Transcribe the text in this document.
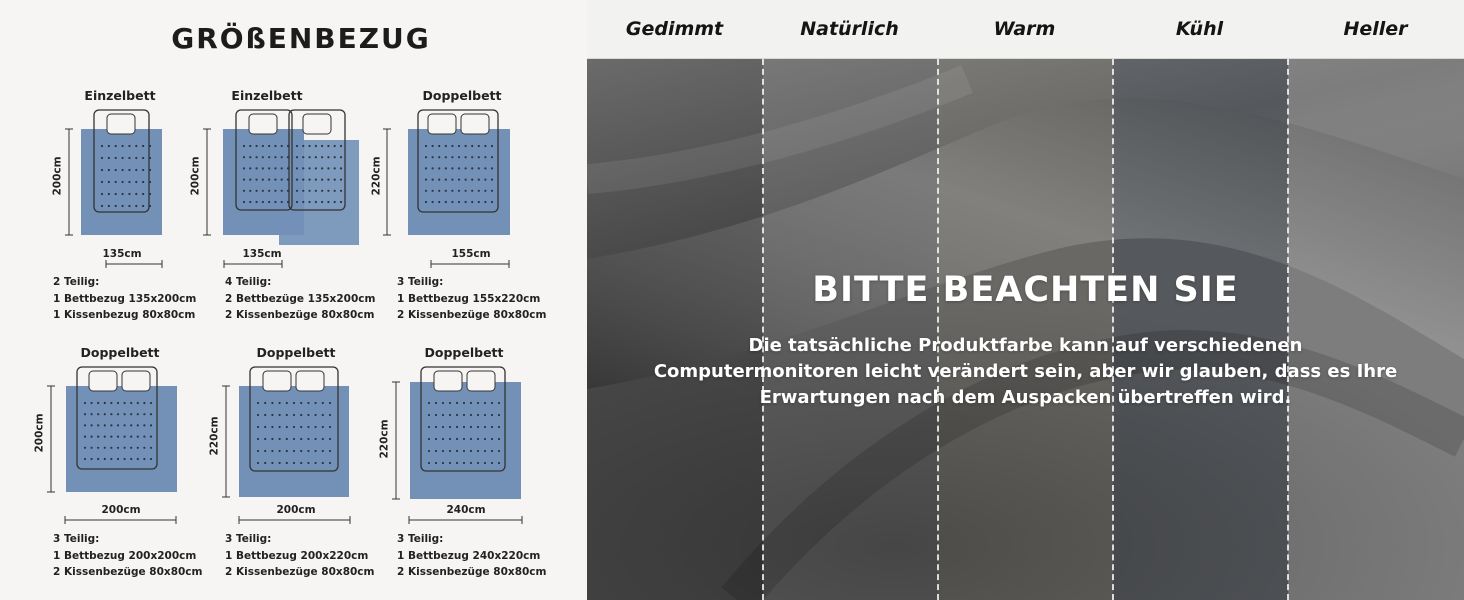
GRÖßENBEZUG
Einzelbett
200cm
135cm
2 Teilig:
1 Bettbezug 135x200cm
1 Kissenbezug 80x80cm
Einzelbett
200cm
135cm
4 Teilig:
2 Bettbezüge 135x200cm
2 Kissenbezüge 80x80cm
Doppelbett
220cm
155cm
3 Teilig:
1 Bettbezug 155x220cm
2 Kissenbezüge 80x80cm
Doppelbett
200cm
200cm
3 Teilig:
1 Bettbezug 200x200cm
2 Kissenbezüge 80x80cm
Doppelbett
220cm
200cm
3 Teilig:
1 Bettbezug 200x220cm
2 Kissenbezüge 80x80cm
Doppelbett
220cm
240cm
3 Teilig:
1 Bettbezug 240x220cm
2 Kissenbezüge 80x80cm
Gedimmt	Natürlich	Warm	Kühl	Heller
BITTE BEACHTEN SIE
Die tatsächliche Produktfarbe kann auf verschiedenen Computermonitoren leicht verändert sein, aber wir glauben, dass es Ihre Erwartungen nach dem Auspacken übertreffen wird.
